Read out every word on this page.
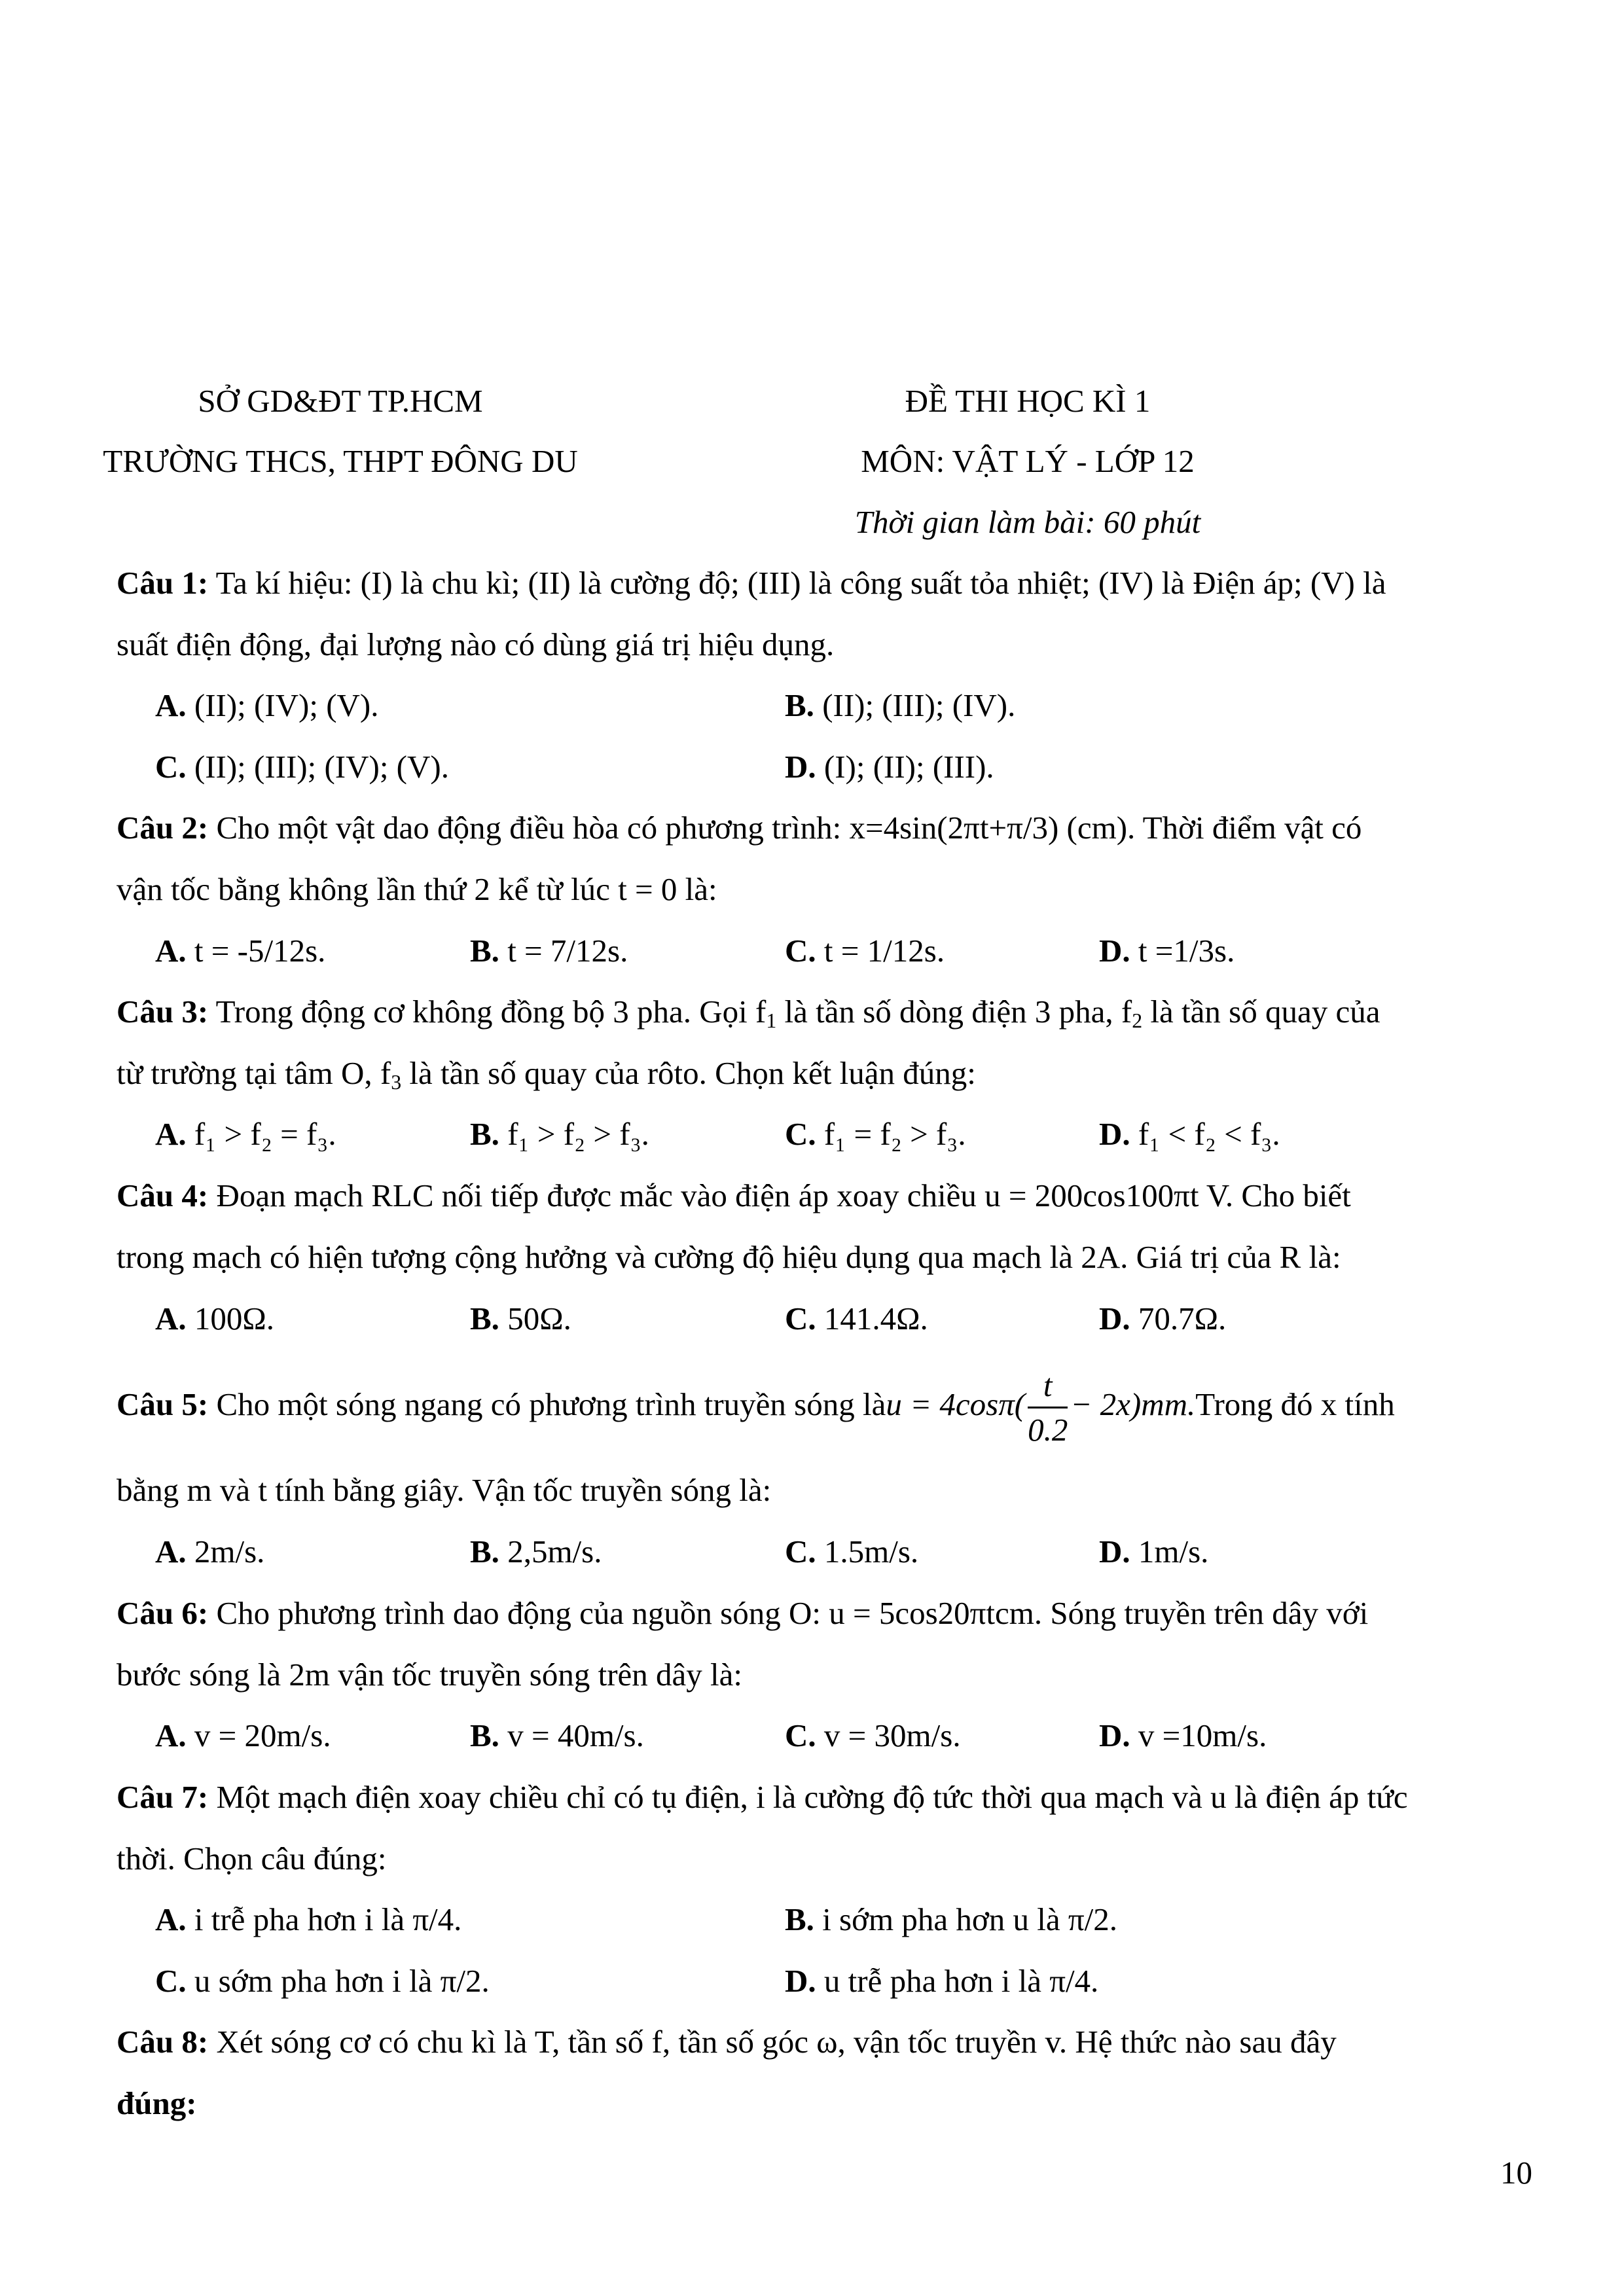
SỞ GD&ĐT TP.HCM
TRƯỜNG THCS, THPT ĐÔNG DU
ĐỀ THI HỌC KÌ 1
MÔN: VẬT LÝ - LỚP 12
Thời gian làm bài: 60 phút
Câu 1: Ta kí hiệu: (I) là chu kì; (II) là cường độ; (III) là công suất tỏa nhiệt; (IV) là Điện áp; (V) là
suất điện động, đại lượng nào có dùng giá trị hiệu dụng.
A. (II); (IV); (V).	B. (II); (III); (IV).
C. (II); (III); (IV); (V).	D. (I); (II); (III).
Câu 2: Cho một vật dao động điều hòa có phương trình: x=4sin(2πt+π/3) (cm). Thời điểm vật có
vận tốc bằng không lần thứ 2 kể từ lúc t = 0 là:
A. t = -5/12s.	B. t = 7/12s.	C. t = 1/12s.	D. t =1/3s.
Câu 3: Trong động cơ không đồng bộ 3 pha. Gọi $f_1$ là tần số dòng điện 3 pha, $f_2$ là tần số quay của
từ trường tại tâm O, $f_3$ là tần số quay của rôto. Chọn kết luận đúng:
A. f₁ > f₂ = f₃.	B. f₁ > f₂ > f₃.	C. f₁ = f₂ > f₃.	D. f₁ < f₂ < f₃.
Câu 4: Đoạn mạch RLC nối tiếp được mắc vào điện áp xoay chiều u = 200cos100πt V. Cho biết
trong mạch có hiện tượng cộng hưởng và cường độ hiệu dụng qua mạch là 2A. Giá trị của R là:
A. 100Ω.	B. 50Ω.	C. 141.4Ω.	D. 70.7Ω.
Câu 5: Cho một sóng ngang có phương trình truyền sóng làu = $4\cos\pi( \frac{t}{0.2}$ − 2x)mm.Trong đó x tính
bằng m và t tính bằng giây. Vận tốc truyền sóng là:
A. 2m/s.	B. 2,5m/s.	C. 1.5m/s.	D. 1m/s.
Câu 6: Cho phương trình dao động của nguồn sóng O: u = 5cos20πtcm. Sóng truyền trên dây với
bước sóng là 2m vận tốc truyền sóng trên dây là:
A. v = 20m/s.	B. v = 40m/s.	C. v = 30m/s.	D. v =10m/s.
Câu 7: Một mạch điện xoay chiều chỉ có tụ điện, i là cường độ tức thời qua mạch và u là điện áp tức
thời. Chọn câu đúng:
A. i trễ pha hơn i là π/4.	B. i sớm pha hơn u là π/2.
C. u sớm pha hơn i là π/2.	D. u trễ pha hơn i là π/4.
Câu 8: Xét sóng cơ có chu kì là T, tần số f, tần số góc ω, vận tốc truyền v. Hệ thức nào sau đây
đúng:
10
